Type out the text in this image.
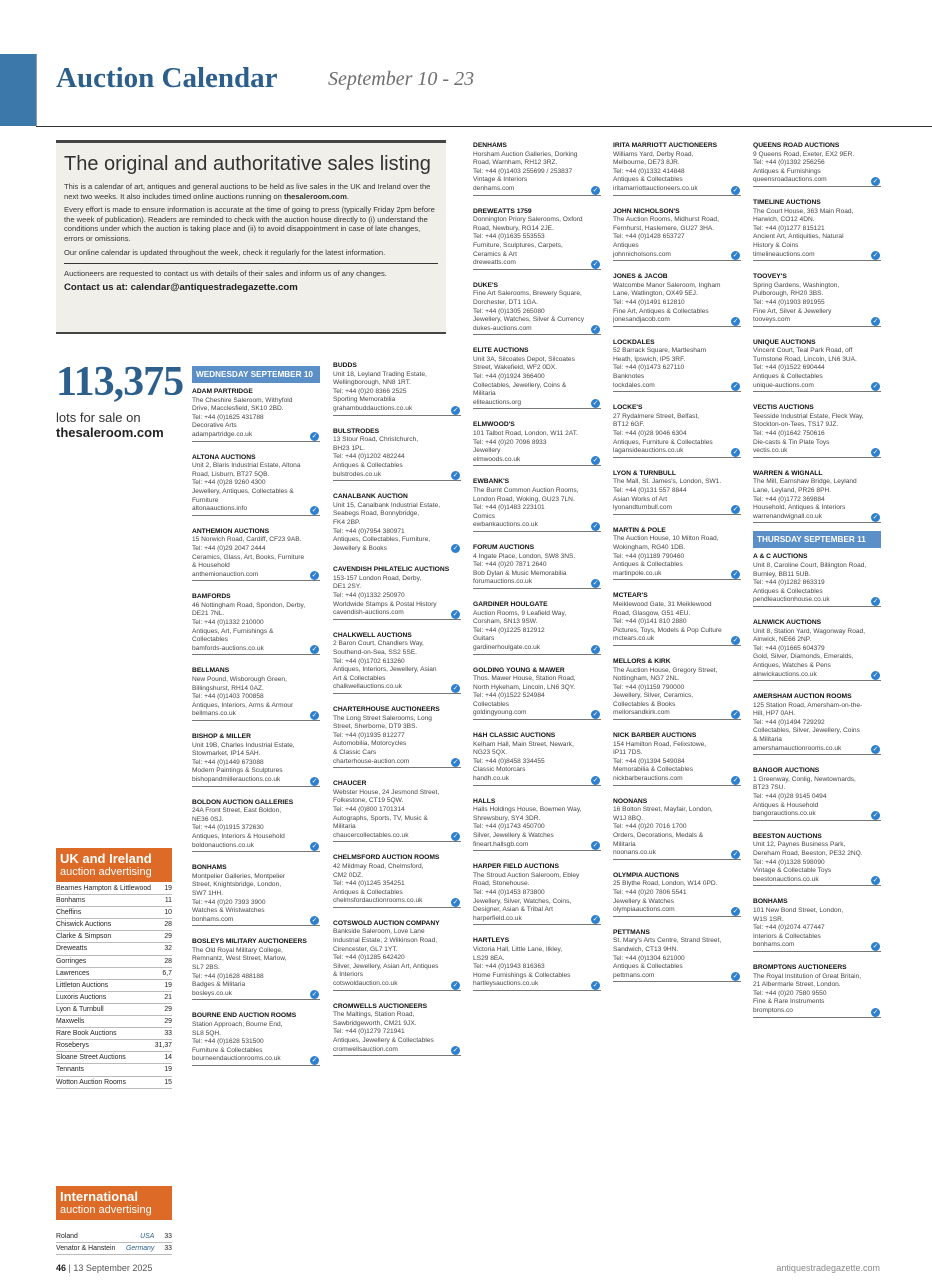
Auction Calendar	September 10 - 23
The original and authoritative sales listing

This is a calendar of art, antiques and general auctions to be held as live sales in the UK and Ireland over the next two weeks. It also includes timed online auctions running on thesaleroom.com.

Every effort is made to ensure information is accurate at the time of going to press (typically Friday 2pm before the week of publication). Readers are reminded to check with the auction house directly to (i) understand the conditions under which the auction is taking place and (ii) to avoid disappointment in case of late changes, errors or omissions.

Our online calendar is updated throughout the week, check it regularly for the latest information.

Auctioneers are requested to contact us with details of their sales and inform us of any changes.

Contact us at: calendar@antiquestradegazette.com

113,375
lots for sale on
thesaleroom.com
UK and Ireland
auction advertising
Bearnes Hampton & Littlewood 19
Bonhams	11
Cheffins	10
Chiswick Auctions	28
Clarke & Simpson	29
Dreweatts	32
Gorringes	28
Lawrences	6,7
Littleton Auctions	19
Luxoris Auctions	21
Lyon & Turnbull	29
Maxwells	29
Rare Book Auctions	33
Roseberys	31,37
Sloane Street Auctions	14
Tennants	19
Wotton Auction Rooms	15
International
auction advertising
Roland	USA 33
Venator & Hanstein Germany 33
WEDNESDAY SEPTEMBER 10
ADAM PARTRIDGE
The Cheshire Saleroom, Withyfold
Drive, Macclesfield, SK10 2BD.
Tel: +44 (0)1625 431788
Decorative Arts
adampartridge.co.uk	✓
ALTONA AUCTIONS
Unit 2, Blaris Industrial Estate, Altona
Road, Lisburn, BT27 5QB.
Tel: +44 (0)28 9260 4300
Jewellery, Antiques, Collectables &
Furniture
altonaauctions.info	✓
ANTHEMION AUCTIONS
15 Norwich Road, Cardiff, CF23 9AB.
Tel: +44 (0)29 2047 2444
Ceramics, Glass, Art, Books, Furniture
& Household
anthemionauction.com	✓
BAMFORDS
46 Nottingham Road, Spondon, Derby,
DE21 7NL.
Tel: +44 (0)1332 210000
Antiques, Art, Furnishings &
Collectables
bamfords-auctions.co.uk	✓
BELLMANS
New Pound, Wisborough Green,
Billingshurst, RH14 0AZ.
Tel: +44 (0)1403 700858
Antiques, Interiors, Arms & Armour
bellmans.co.uk	✓
BISHOP & MILLER
Unit 19B, Charles Industrial Estate,
Stowmarket, IP14 5AH.
Tel: +44 (0)1449 673088
Modern Paintings & Sculptures
bishopandmillerauctions.co.uk	✓
BOLDON AUCTION GALLERIES
24A Front Street, East Boldon,
NE36 0SJ.
Tel: +44 (0)1915 372630
Antiques, Interiors & Household
boldonauctions.co.uk	✓
BONHAMS
Montpelier Galleries, Montpelier
Street, Knightsbridge, London,
SW7 1HH.
Tel: +44 (0)20 7393 3900
Watches & Wristwatches
bonhams.com	✓
BOSLEYS MILITARY AUCTIONEERS
The Old Royal Military College,
Remnantz, West Street, Marlow,
SL7 2BS.
Tel: +44 (0)1628 488188
Badges & Militaria
bosleys.co.uk	✓
BOURNE END AUCTION ROOMS
Station Approach, Bourne End,
SL8 5QH.
Tel: +44 (0)1628 531500
Furniture & Collectables
bourneendauctionrooms.co.uk	✓
BUDDS
Unit 18, Leyland Trading Estate,
Wellingborough, NN8 1RT.
Tel: +44 (0)20 8366 2525
Sporting Memorabilia
grahambuddauctions.co.uk	✓
BULSTRODES
13 Stour Road, Christchurch,
BH23 1PL.
Tel: +44 (0)1202 482244
Antiques & Collectables
bulstrodes.co.uk	✓
CANALBANK AUCTION
Unit 15, Canalbank Industrial Estate,
Seabegs Road, Bonnybridge,
FK4 2BP.
Tel: +44 (0)7954 380971
Antiques, Collectables, Furniture,
Jewellery & Books	✓
CAVENDISH PHILATELIC AUCTIONS
153-157 London Road, Derby,
DE1 2SY.
Tel: +44 (0)1332 250970
Worldwide Stamps & Postal History
cavendish-auctions.com	✓
CHALKWELL AUCTIONS
2 Baron Court, Chandlers Way,
Southend-on-Sea, SS2 5SE.
Tel: +44 (0)1702 613260
Antiques, Interiors, Jewellery, Asian
Art & Collectables
chalkwellauctions.co.uk	✓
CHARTERHOUSE AUCTIONEERS
The Long Street Salerooms, Long
Street, Sherborne, DT9 3BS.
Tel: +44 (0)1935 812277
Automobilia, Motorcycles
& Classic Cars
charterhouse-auction.com	✓
CHAUCER
Webster House, 24 Jesmond Street,
Folkestone, CT19 5QW.
Tel: +44 (0)800 1701314
Autographs, Sports, TV, Music &
Militaria
chaucercollectables.co.uk	✓
CHELMSFORD AUCTION ROOMS
42 Mildmay Road, Chelmsford,
CM2 0DZ.
Tel: +44 (0)1245 354251
Antiques & Collectables
chelmsfordauctionrooms.co.uk	✓
COTSWOLD AUCTION COMPANY
Bankside Saleroom, Love Lane
Industrial Estate, 2 Wilkinson Road,
Cirencester, GL7 1YT.
Tel: +44 (0)1285 642420
Silver, Jewellery, Asian Art, Antiques
& Interiors
cotswoldauction.co.uk	✓
CROMWELLS AUCTIONEERS
The Maltings, Station Road,
Sawbridgeworth, CM21 9JX.
Tel: +44 (0)1279 721941
Antiques, Jewellery & Collectables
cromwellsauction.com	✓
DENHAMS
Horsham Auction Galleries, Dorking
Road, Warnham, RH12 3RZ.
Tel: +44 (0)1403 255699 / 253837
Vintage & Interiors
denhams.com	✓
DREWEATTS 1759
Donnington Priory Salerooms, Oxford
Road, Newbury, RG14 2JE.
Tel: +44 (0)1635 553553
Furniture, Sculptures, Carpets,
Ceramics & Art
dreweatts.com	✓
DUKE'S
Fine Art Salerooms, Brewery Square,
Dorchester, DT1 1GA.
Tel: +44 (0)1305 265080
Jewellery, Watches, Silver & Currency
dukes-auctions.com	✓
ELITE AUCTIONS
Unit 3A, Silcoates Depot, Silcoates
Street, Wakefield, WF2 0DX.
Tel: +44 (0)1924 366400
Collectables, Jewellery, Coins &
Militaria
eliteauctions.org	✓
ELMWOOD'S
101 Talbot Road, London, W11 2AT.
Tel: +44 (0)20 7096 8933
Jewellery
elmwoods.co.uk	✓
EWBANK'S
The Burnt Common Auction Rooms,
London Road, Woking, GU23 7LN.
Tel: +44 (0)1483 223101
Comics
ewbankauctions.co.uk	✓
FORUM AUCTIONS
4 Ingate Place, London, SW8 3NS.
Tel: +44 (0)20 7871 2640
Bob Dylan & Music Memorabilia
forumauctions.co.uk	✓
GARDINER HOULGATE
Auction Rooms, 9 Leafield Way,
Corsham, SN13 9SW.
Tel: +44 (0)1225 812912
Guitars
gardinerhoulgate.co.uk	✓
GOLDING YOUNG & MAWER
Thos. Mawer House, Station Road,
North Hykeham, Lincoln, LN6 3QY.
Tel: +44 (0)1522 524984
Collectables
goldingyoung.com	✓
H&H CLASSIC AUCTIONS
Kelham Hall, Main Street, Newark,
NG23 5QX.
Tel: +44 (0)8458 334455
Classic Motorcars
handh.co.uk	✓
HALLS
Halls Holdings House, Bowmen Way,
Shrewsbury, SY4 3DR.
Tel: +44 (0)1743 450700
Silver, Jewellery & Watches
fineart.hallsgb.com	✓
HARPER FIELD AUCTIONS
The Stroud Auction Saleroom, Ebley
Road, Stonehouse.
Tel: +44 (0)1453 873800
Jewellery, Silver, Watches, Coins,
Designer, Asian & Tribal Art
harperfield.co.uk	✓
HARTLEYS
Victoria Hall, Little Lane, Ilkley,
LS29 8EA.
Tel: +44 (0)1943 816363
Home Furnishings & Collectables
hartleysauctions.co.uk	✓
IRITA MARRIOTT AUCTIONEERS
Williams Yard, Derby Road,
Melbourne, DE73 8JR.
Tel: +44 (0)1332 414848
Antiques & Collectables
iritamarriottauctioneers.co.uk	✓
JOHN NICHOLSON'S
The Auction Rooms, Midhurst Road,
Fernhurst, Haslemere, GU27 3HA.
Tel: +44 (0)1428 653727
Antiques
johnnicholsons.com	✓
JONES & JACOB
Watcombe Manor Saleroom, Ingham
Lane, Watlington, OX49 5EJ.
Tel: +44 (0)1491 612810
Fine Art, Antiques & Collectables
jonesandjacob.com	✓
LOCKDALES
52 Barrack Square, Martlesham
Heath, Ipswich, IP5 3RF.
Tel: +44 (0)1473 627110
Banknotes
lockdales.com	✓
LOCKE'S
27 Rydalmere Street, Belfast,
BT12 6GF.
Tel: +44 (0)28 9046 6304
Antiques, Furniture & Collectables
lagansideauctions.co.uk	✓
LYON & TURNBULL
The Mall, St. James's, London, SW1.
Tel: +44 (0)131 557 8844
Asian Works of Art
lyonandturnbull.com	✓
MARTIN & POLE
The Auction House, 10 Milton Road,
Wokingham, RG40 1DB.
Tel: +44 (0)1189 790460
Antiques & Collectables
martinpole.co.uk	✓
MCTEAR'S
Meiklewood Gate, 31 Meiklewood
Road, Glasgow, G51 4EU.
Tel: +44 (0)141 810 2880
Pictures, Toys, Models & Pop Culture
mctears.co.uk	✓
MELLORS & KIRK
The Auction House, Gregory Street,
Nottingham, NG7 2NL.
Tel: +44 (0)1159 790000
Jewellery, Silver, Ceramics,
Collectables & Books
mellorsandkirk.com	✓
NICK BARBER AUCTIONS
154 Hamilton Road, Felixstowe,
IP11 7DS.
Tel: +44 (0)1394 549084
Memorabilia & Collectables
nickbarberauctions.com	✓
NOONANS
16 Bolton Street, Mayfair, London,
W1J 8BQ.
Tel: +44 (0)20 7016 1700
Orders, Decorations, Medals &
Militaria
noonans.co.uk	✓
OLYMPIA AUCTIONS
25 Blythe Road, London, W14 0PD.
Tel: +44 (0)20 7806 5541
Jewellery & Watches
olympiaauctions.com	✓
PETTMANS
St. Mary's Arts Centre, Strand Street,
Sandwich, CT13 9HN.
Tel: +44 (0)1304 621000
Antiques & Collectables
pettmans.com	✓
QUEENS ROAD AUCTIONS
9 Queens Road, Exeter, EX2 9ER.
Tel: +44 (0)1392 256256
Antiques & Furnishings
queensroadauctions.com	✓
TIMELINE AUCTIONS
The Court House, 363 Main Road,
Harwich, CO12 4DN.
Tel: +44 (0)1277 815121
Ancient Art, Antiquities, Natural
History & Coins
timelineauctions.com	✓
TOOVEY'S
Spring Gardens, Washington,
Pulborough, RH20 3BS.
Tel: +44 (0)1903 891955
Fine Art, Silver & Jewellery
tooveys.com	✓
UNIQUE AUCTIONS
Vincent Court, Teal Park Road, off
Turnstone Road, Lincoln, LN6 3UA.
Tel: +44 (0)1522 690444
Antiques & Collectables
unique-auctions.com	✓
VECTIS AUCTIONS
Teesside Industrial Estate, Fleck Way,
Stockton-on-Tees, TS17 9JZ.
Tel: +44 (0)1642 750616
Die-casts & Tin Plate Toys
vectis.co.uk	✓
WARREN & WIGNALL
The Mill, Earnshaw Bridge, Leyland
Lane, Leyland, PR26 8PH.
Tel: +44 (0)1772 369884
Household, Antiques & Interiors
warrenandwignall.co.uk	✓
THURSDAY SEPTEMBER 11
A & C AUCTIONS
Unit 8, Caroline Court, Billington Road,
Burnley, BB11 5UB.
Tel: +44 (0)1282 863319
Antiques & Collectables
pendleauctionhouse.co.uk	✓
ALNWICK AUCTIONS
Unit 8, Station Yard, Wagonway Road,
Alnwick, NE66 2NP.
Tel: +44 (0)1665 604379
Gold, Silver, Diamonds, Emeralds,
Antiques, Watches & Pens
alnwickauctions.co.uk	✓
AMERSHAM AUCTION ROOMS
125 Station Road, Amersham-on-the-
Hill, HP7 0AH.
Tel: +44 (0)1494 729292
Collectables, Silver, Jewellery, Coins
& Militaria
amershamauctionrooms.co.uk	✓
BANGOR AUCTIONS
1 Greenway, Conlig, Newtownards,
BT23 7SU.
Tel: +44 (0)28 9145 0494
Antiques & Household
bangorauctions.co.uk	✓
BEESTON AUCTIONS
Unit 12, Paynes Business Park,
Dereham Road, Beeston, PE32 2NQ.
Tel: +44 (0)1328 598090
Vintage & Collectable Toys
beestonauctions.co.uk	✓
BONHAMS
101 New Bond Street, London,
W1S 1SR.
Tel: +44 (0)2074 477447
Interiors & Collectables
bonhams.com	✓
BROMPTONS AUCTIONEERS
The Royal Institution of Great Britain,
21 Albermarle Street, London.
Tel: +44 (0)20 7580 9550
Fine & Rare Instruments
bromptons.co	✓
46 | 13 September 2025	antiquestradegazette.com
